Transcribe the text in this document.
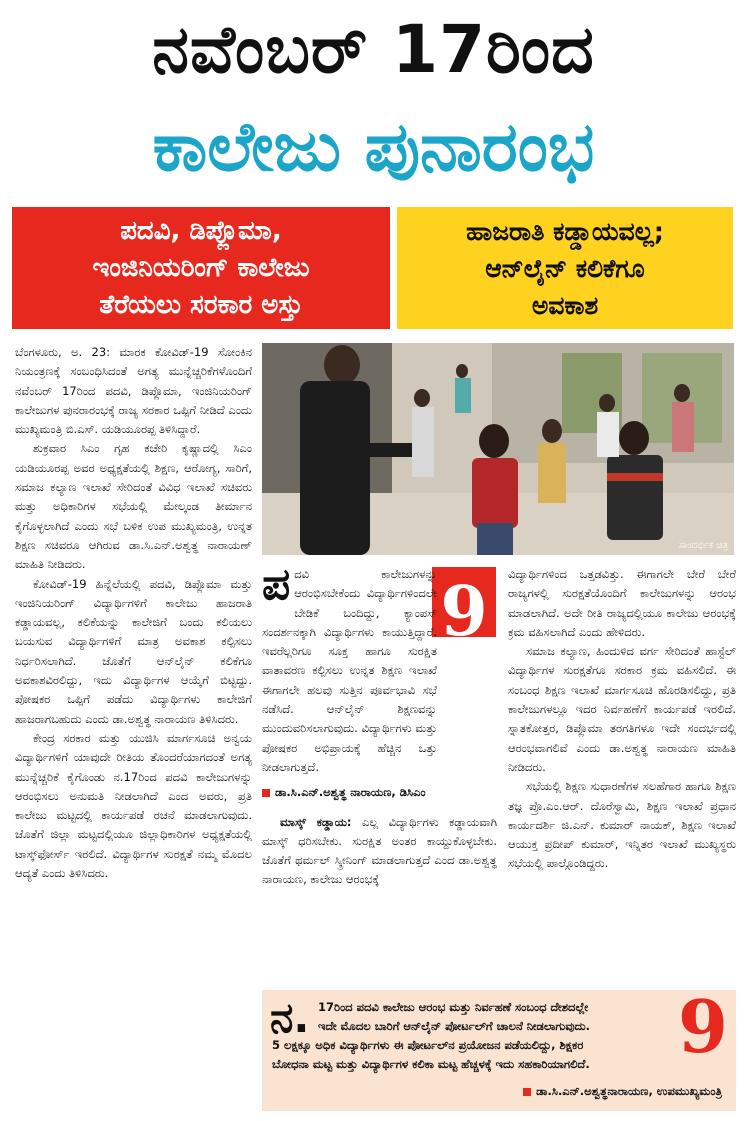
ನವೆಂಬರ್ 17ರಿಂದ
ಕಾಲೇಜು ಪುನಾರಂಭ
ಪದವಿ, ಡಿಪ್ಲೊಮಾ,
ಇಂಜಿನಿಯರಿಂಗ್ ಕಾಲೇಜು
ತೆರೆಯಲು ಸರಕಾರ ಅಸ್ತು
ಹಾಜರಾತಿ ಕಡ್ಡಾಯವಲ್ಲ;
ಆನ್‌ಲೈನ್ ಕಲಿಕೆಗೂ
ಅವಕಾಶ

ಬೆಂಗಳೂರು, ಅ. 23: ಮಾರಕ ಕೋವಿಡ್-19 ಸೋಂಕಿನ ನಿಯಂತ್ರಣಕ್ಕೆ ಸಂಬಂಧಿಸಿದಂತೆ ಅಗತ್ಯ ಮುನ್ನೆಚ್ಚರಿಕೆಗಳೊಂದಿಗೆ ನವೆಂಬರ್ 17ರಿಂದ ಪದವಿ, ಡಿಪ್ಲೊಮಾ, ಇಂಜಿನಿಯರಿಂಗ್ ಕಾಲೇಜುಗಳ ಪುನರಾರಂಭಕ್ಕೆ ರಾಜ್ಯ ಸರಕಾರ ಒಪ್ಪಿಗೆ ನೀಡಿದೆ ಎಂದು ಮುಖ್ಯಮಂತ್ರಿ ಬಿ.ಎಸ್. ಯಡಿಯೂರಪ್ಪ ತಿಳಿಸಿದ್ದಾರೆ.

ಶುಕ್ರವಾರ ಸಿಎಂ ಗೃಹ ಕಚೇರಿ ಕೃಷ್ಣಾದಲ್ಲಿ ಸಿಎಂ ಯಡಿಯೂರಪ್ಪ ಅವರ ಅಧ್ಯಕ್ಷತೆಯಲ್ಲಿ ಶಿಕ್ಷಣ, ಆರೋಗ್ಯ, ಸಾರಿಗೆ, ಸಮಾಜ ಕಲ್ಯಾಣ ಇಲಾಖೆ ಸೇರಿದಂತೆ ವಿವಿಧ ಇಲಾಖೆ ಸಚಿವರು ಮತ್ತು ಅಧಿಕಾರಿಗಳ ಸಭೆಯಲ್ಲಿ ಮೇಲ್ಕಂಡ ತೀರ್ಮಾನ ಕೈಗೊಳ್ಳಲಾಗಿದೆ ಎಂದು ಸಭೆ ಬಳಿಕ ಉಪ ಮುಖ್ಯಮಂತ್ರಿ, ಉನ್ನತ ಶಿಕ್ಷಣ ಸಚಿವರೂ ಆಗಿರುವ ಡಾ.ಸಿ.ಎನ್.ಅಶ್ವತ್ಥ ನಾರಾಯಣ್ ಮಾಹಿತಿ ನೀಡಿದರು.

ಕೋವಿಡ್-19 ಹಿನ್ನೆಲೆಯಲ್ಲಿ ಪದವಿ, ಡಿಪ್ಲೊಮಾ ಮತ್ತು ಇಂಜಿನಿಯರಿಂಗ್ ವಿದ್ಯಾರ್ಥಿಗಳಿಗೆ ಕಾಲೇಜು ಹಾಜರಾತಿ ಕಡ್ಡಾಯವಲ್ಲ, ಕಲಿಕೆಯನ್ನು ಕಾಲೇಜಿಗೆ ಬಂದು ಕಲಿಯಲು ಬಯಸುವ ವಿದ್ಯಾರ್ಥಿಗಳಿಗೆ ಮಾತ್ರ ಅವಕಾಶ ಕಲ್ಪಿಸಲು ನಿರ್ಧರಿಸಲಾಗಿದೆ. ಜೊತೆಗೆ ಆನ್‌ಲೈನ್ ಕಲಿಕೆಗೂ ಅವಕಾಶವಿರಲಿದ್ದು, ಇದು ವಿದ್ಯಾರ್ಥಿಗಳ ಆಯ್ಕೆಗೆ ಬಿಟ್ಟದ್ದು. ಪೋಷಕರ ಒಪ್ಪಿಗೆ ಪಡೆದು ವಿದ್ಯಾರ್ಥಿಗಳು ಕಾಲೇಜಿಗೆ ಹಾಜರಾಗಬಹುದು ಎಂದು ಡಾ.ಅಶ್ವತ್ಥ ನಾರಾಯಣ ತಿಳಿಸಿದರು.

ಕೇಂದ್ರ ಸರಕಾರ ಮತ್ತು ಯುಜಿಸಿ ಮಾರ್ಗಸೂಚಿ ಅನ್ವಯ ವಿದ್ಯಾರ್ಥಿಗಳಿಗೆ ಯಾವುದೇ ರೀತಿಯ ತೊಂದರೆಯಾಗದಂತೆ ಅಗತ್ಯ ಮುನ್ನೆಚ್ಚರಿಕೆ ಕೈಗೊಂಡು ನ.17ರಿಂದ ಪದವಿ ಕಾಲೇಜುಗಳನ್ನು ಆರಂಭಿಸಲು ಅನುಮತಿ ನೀಡಲಾಗಿದೆ ಎಂದ ಅವರು, ಪ್ರತಿ ಕಾಲೇಜು ಮಟ್ಟದಲ್ಲಿ ಕಾರ್ಯಪಡೆ ರಚನೆ ಮಾಡಲಾಗುವುದು. ಜೊತೆಗೆ ಜಿಲ್ಲಾ ಮಟ್ಟದಲ್ಲಿಯೂ ಜಿಲ್ಲಾಧಿಕಾರಿಗಳ ಅಧ್ಯಕ್ಷತೆಯಲ್ಲಿ ಟಾಸ್ಕ್‌ಫೋರ್ಸ್ ಇರಲಿದೆ. ವಿದ್ಯಾರ್ಥಿಗಳ ಸುರಕ್ಷತೆ ನಮ್ಮ ಮೊದಲ ಆದ್ಯತೆ ಎಂದು ತಿಳಿಸಿದರು.

ಸಾಂದರ್ಭಿಕ ಚಿತ್ರ
9

ಪದವಿ ಕಾಲೇಜುಗಳನ್ನು ಆರಂಭಿಸಬೇಕೆಂದು ವಿದ್ಯಾರ್ಥಿಗಳಿಂದಲೇ ಬೇಡಿಕೆ ಬಂದಿದ್ದು, ಕ್ಯಾಂಪಸ್ ಸಂದರ್ಶನಕ್ಕಾಗಿ ವಿದ್ಯಾರ್ಥಿಗಳು ಕಾಯುತ್ತಿದ್ದಾರೆ. ಇವರೆಲ್ಲರಿಗೂ ಸೂಕ್ತ ಹಾಗೂ ಸುರಕ್ಷಿತ ವಾತಾವರಣ ಕಲ್ಪಿಸಲು ಉನ್ನತ ಶಿಕ್ಷಣ ಇಲಾಖೆ ಈಗಾಗಲೇ ಹಲವು ಸುತ್ತಿನ ಪೂರ್ವಭಾವಿ ಸಭೆ ನಡೆಸಿದೆ. ಆನ್‌ಲೈನ್ ಶಿಕ್ಷಣವನ್ನು ಮುಂದುವರಿಸಲಾಗುವುದು. ವಿದ್ಯಾರ್ಥಿಗಳು ಮತ್ತು ಪೋಷಕರ ಅಭಿಪ್ರಾಯಕ್ಕೆ ಹೆಚ್ಚಿನ ಒತ್ತು ನೀಡಲಾಗುತ್ತದೆ.

ಡಾ.ಸಿ.ಎನ್.ಅಶ್ವತ್ಥ ನಾರಾಯಣ, ಡಿಸಿಎಂ

ಮಾಸ್ಕ್ ಕಡ್ಡಾಯ: ಎಲ್ಲ ವಿದ್ಯಾರ್ಥಿಗಳು ಕಡ್ಡಾಯವಾಗಿ ಮಾಸ್ಕ್ ಧರಿಸಬೇಕು. ಸುರಕ್ಷಿತ ಅಂತರ ಕಾಯ್ದುಕೊಳ್ಳಬೇಕು. ಜೊತೆಗೆ ಥರ್ಮಲ್ ಸ್ಕ್ರೀನಿಂಗ್ ಮಾಡಲಾಗುತ್ತದೆ ಎಂದ ಡಾ.ಅಶ್ವತ್ಥ ನಾರಾಯಣ, ಕಾಲೇಜು ಆರಂಭಕ್ಕೆ

ವಿದ್ಯಾರ್ಥಿಗಳಿಂದ ಒತ್ತಡವಿತ್ತು. ಈಗಾಗಲೇ ಬೇರೆ ಬೇರೆ ರಾಜ್ಯಗಳಲ್ಲಿ ಸುರಕ್ಷತೆಯೊಂದಿಗೆ ಕಾಲೇಜುಗಳನ್ನು ಆರಂಭ ಮಾಡಲಾಗಿದೆ. ಅದೇ ರೀತಿ ರಾಜ್ಯದಲ್ಲಿಯೂ ಕಾಲೇಜು ಆರಂಭಕ್ಕೆ ಕ್ರಮ ವಹಿಸಲಾಗಿದೆ ಎಂದು ಹೇಳಿದರು.

ಸಮಾಜ ಕಲ್ಯಾಣ, ಹಿಂದುಳಿದ ವರ್ಗ ಸೇರಿದಂತೆ ಹಾಸ್ಟೆಲ್ ವಿದ್ಯಾರ್ಥಿಗಳ ಸುರಕ್ಷತೆಗೂ ಸರಕಾರ ಕ್ರಮ ವಹಿಸಲಿದೆ. ಈ ಸಂಬಂಧ ಶಿಕ್ಷಣ ಇಲಾಖೆ ಮಾರ್ಗಸೂಚಿ ಹೊರಡಿಸಲಿದ್ದು, ಪ್ರತಿ ಕಾಲೇಜುಗಳಲ್ಲೂ ಇದರ ನಿರ್ವಹಣೆಗೆ ಕಾರ್ಯಪಡೆ ಇರಲಿದೆ. ಸ್ನಾತಕೋತ್ತರ, ಡಿಪ್ಲೊಮಾ ತರಗತಿಗಳೂ ಇದೇ ಸಂದರ್ಭದಲ್ಲಿ ಆರಂಭವಾಗಲಿವೆ ಎಂದು ಡಾ.ಅಶ್ವತ್ಥ ನಾರಾಯಣ ಮಾಹಿತಿ ನೀಡಿದರು.

ಸಭೆಯಲ್ಲಿ ಶಿಕ್ಷಣ ಸುಧಾರಣೆಗಳ ಸಲಹೆಗಾರ ಹಾಗೂ ಶಿಕ್ಷಣ ತಜ್ಞ ಪ್ರೊ.ಎಂ.ಆರ್. ದೊರೆಸ್ವಾಮಿ, ಶಿಕ್ಷಣ ಇಲಾಖೆ ಪ್ರಧಾನ ಕಾರ್ಯದರ್ಶಿ ಜಿ.ಎನ್. ಕುಮಾರ್ ನಾಯಕ್, ಶಿಕ್ಷಣ ಇಲಾಖೆ ಆಯುಕ್ತ ಪ್ರದೀಪ್ ಕುಮಾರ್, ಇನ್ನಿತರ ಇಲಾಖೆ ಮುಖ್ಯಸ್ಥರು ಸಭೆಯಲ್ಲಿ ಪಾಲ್ಗೊಂಡಿದ್ದರು.

ನ.	9
17ರಿಂದ ಪದವಿ ಕಾಲೇಜು ಆರಂಭ ಮತ್ತು ನಿರ್ವಹಣೆ ಸಂಬಂಧ ದೇಶದಲ್ಲೇ
ಇದೇ ಮೊದಲ ಬಾರಿಗೆ ಆನ್‌ಲೈನ್ ಪೋರ್ಟಲ್‌ಗೆ ಚಾಲನೆ ನೀಡಲಾಗುವುದು.
5 ಲಕ್ಷಕ್ಕೂ ಅಧಿಕ ವಿದ್ಯಾರ್ಥಿಗಳು ಈ ಪೋರ್ಟಲ್‌ನ ಪ್ರಯೋಜನ ಪಡೆಯಲಿದ್ದು, ಶಿಕ್ಷಕರ
ಬೋಧನಾ ಮಟ್ಟ ಮತ್ತು ವಿದ್ಯಾರ್ಥಿಗಳ ಕಲಿಕಾ ಮಟ್ಟ ಹೆಚ್ಚಳಕ್ಕೆ ಇದು ಸಹಕಾರಿಯಾಗಲಿದೆ.
ಡಾ.ಸಿ.ಎನ್.ಅಶ್ವತ್ಥನಾರಾಯಣ, ಉಪಮುಖ್ಯಮಂತ್ರಿ
